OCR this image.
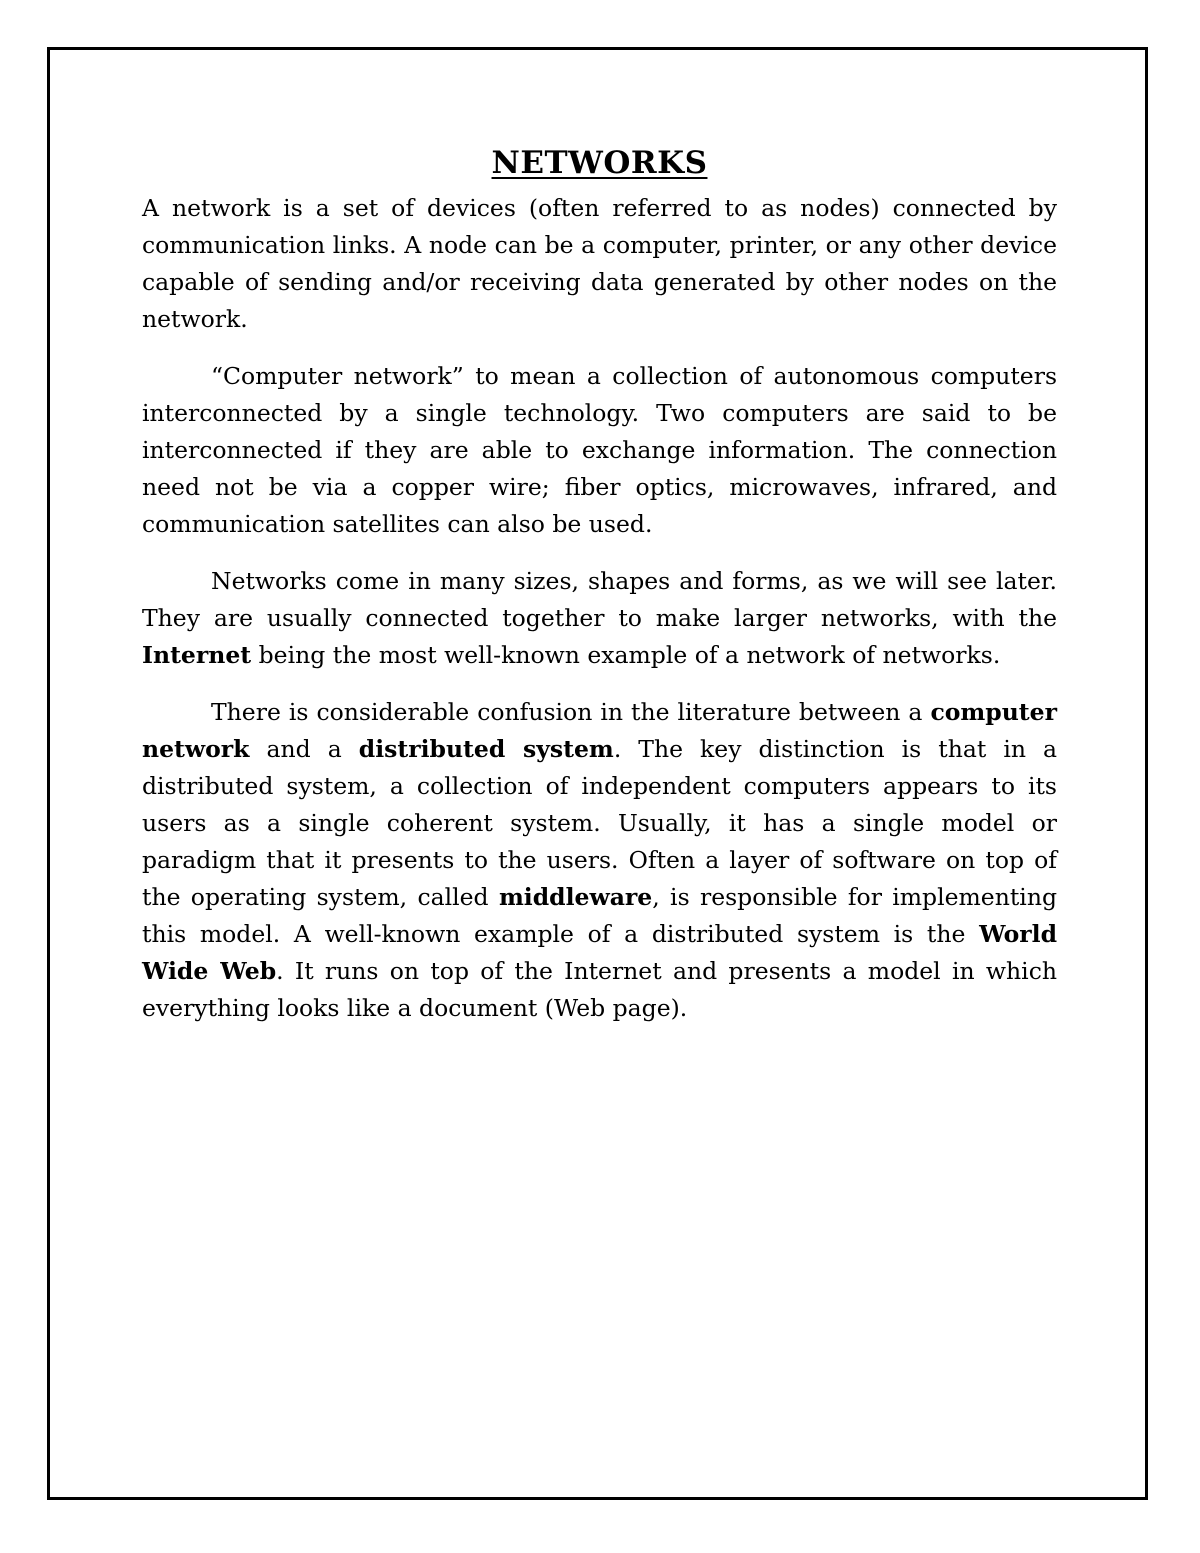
NETWORKS

A network is a set of devices (often referred to as nodes) connected by communication links. A node can be a computer, printer, or any other device capable of sending and/or receiving data generated by other nodes on the network.

“Computer network” to mean a collection of autonomous computers interconnected by a single technology. Two computers are said to be interconnected if they are able to exchange information. The connection need not be via a copper wire; fiber optics, microwaves, infrared, and communication satellites can also be used.

Networks come in many sizes, shapes and forms, as we will see later. They are usually connected together to make larger networks, with the Internet being the most well-known example of a network of networks.

There is considerable confusion in the literature between a computer network and a distributed system. The key distinction is that in a distributed system, a collection of independent computers appears to its users as a single coherent system. Usually, it has a single model or paradigm that it presents to the users. Often a layer of software on top of the operating system, called middleware, is responsible for implementing this model. A well-known example of a distributed system is the World Wide Web. It runs on top of the Internet and presents a model in which everything looks like a document (Web page).
